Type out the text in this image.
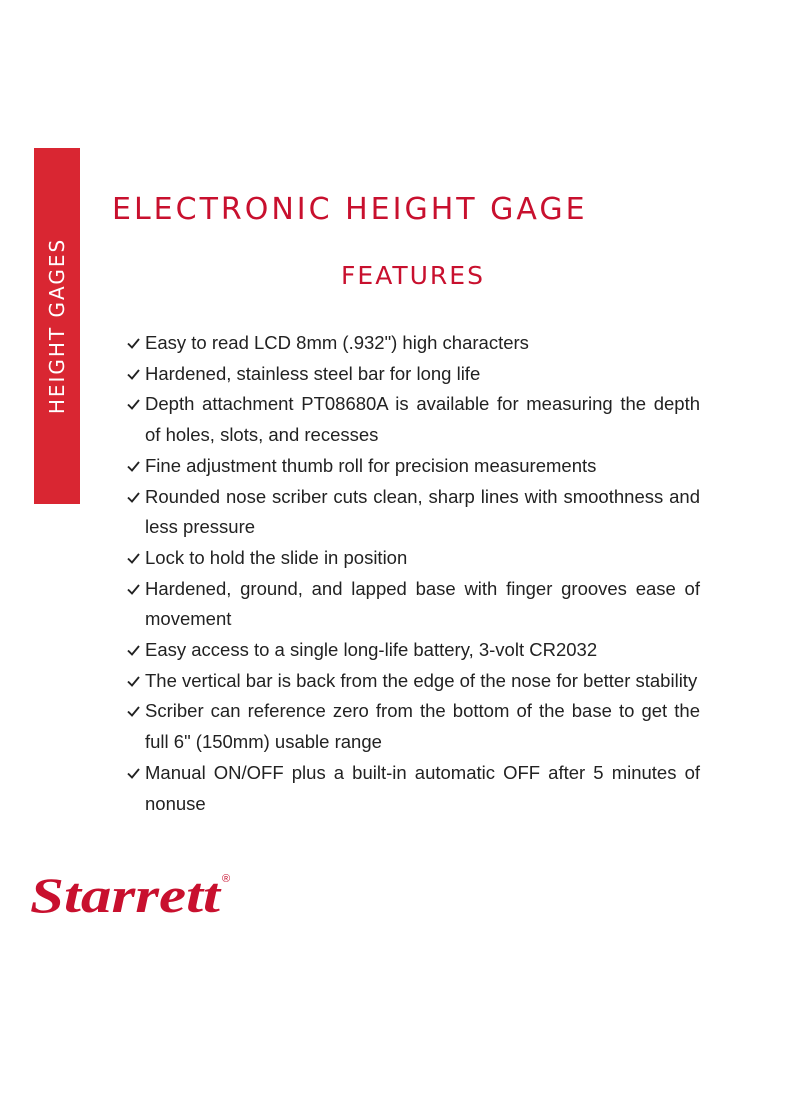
HEIGHT GAGES
ELECTRONIC HEIGHT GAGE
FEATURES
Easy to read LCD 8mm (.932") high characters
Hardened, stainless steel bar for long life
Depth attachment PT08680A is available for measuring the depth of holes, slots, and recesses
Fine adjustment thumb roll for precision measurements
Rounded nose scriber cuts clean, sharp lines with smoothness and less pressure
Lock to hold the slide in position
Hardened, ground, and lapped base with finger grooves ease of movement
Easy access to a single long-life battery, 3-volt CR2032
The vertical bar is back from the edge of the nose for better stability
Scriber can reference zero from the bottom of the base to get the full 6" (150mm) usable range
Manual ON/OFF plus a built-in automatic OFF after 5 minutes of nonuse
Starrett ®
